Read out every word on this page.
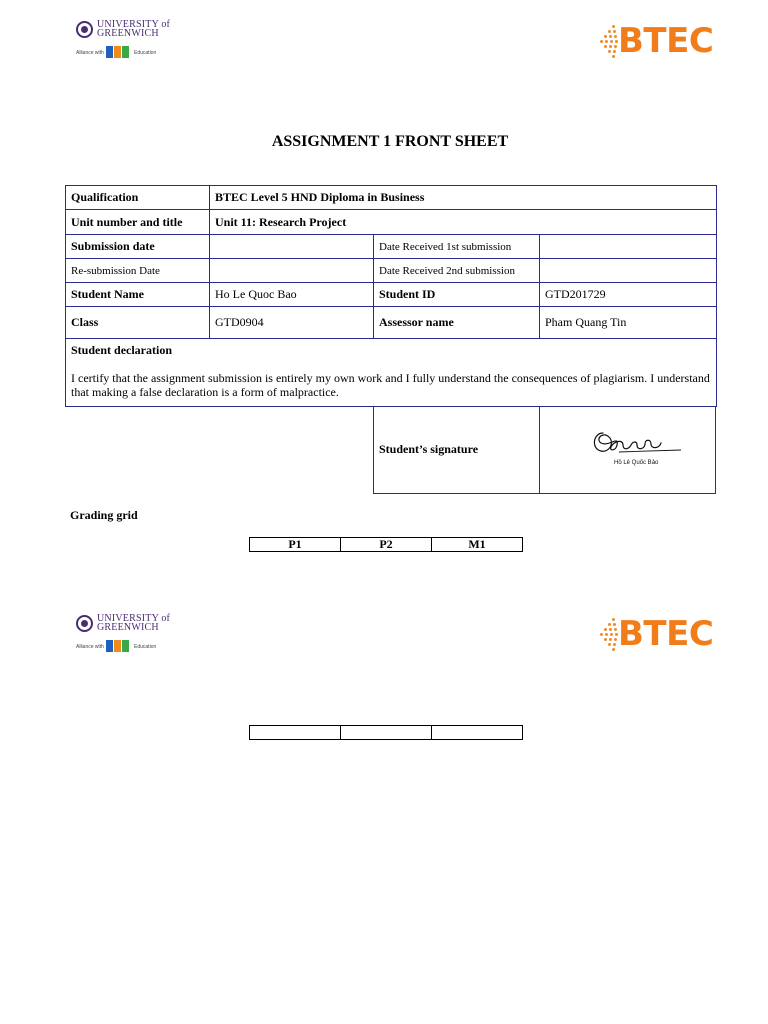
UNIVERSITY of
GREENWICH
Alliance with	Education	BTEC
ASSIGNMENT 1 FRONT SHEET
Qualification	BTEC Level 5 HND Diploma in Business		
Unit number and title	Unit 11: Research Project		
Submission date		Date Received 1st submission	
Re-submission Date		Date Received 2nd submission	
Student Name	Ho Le Quoc Bao	Student ID	GTD201729
Class	GTD0904	Assessor name	Pham Quang Tin

Student declaration
I certify that the assignment submission is entirely my own work and I fully understand the consequences of plagiarism. I understand that making a false declaration is a form of malpractice.			
Student’s signature
Hồ Lê Quốc Bảo
Grading grid
P1	P2	M1
UNIVERSITY of
GREENWICH
Alliance with	Education	BTEC
